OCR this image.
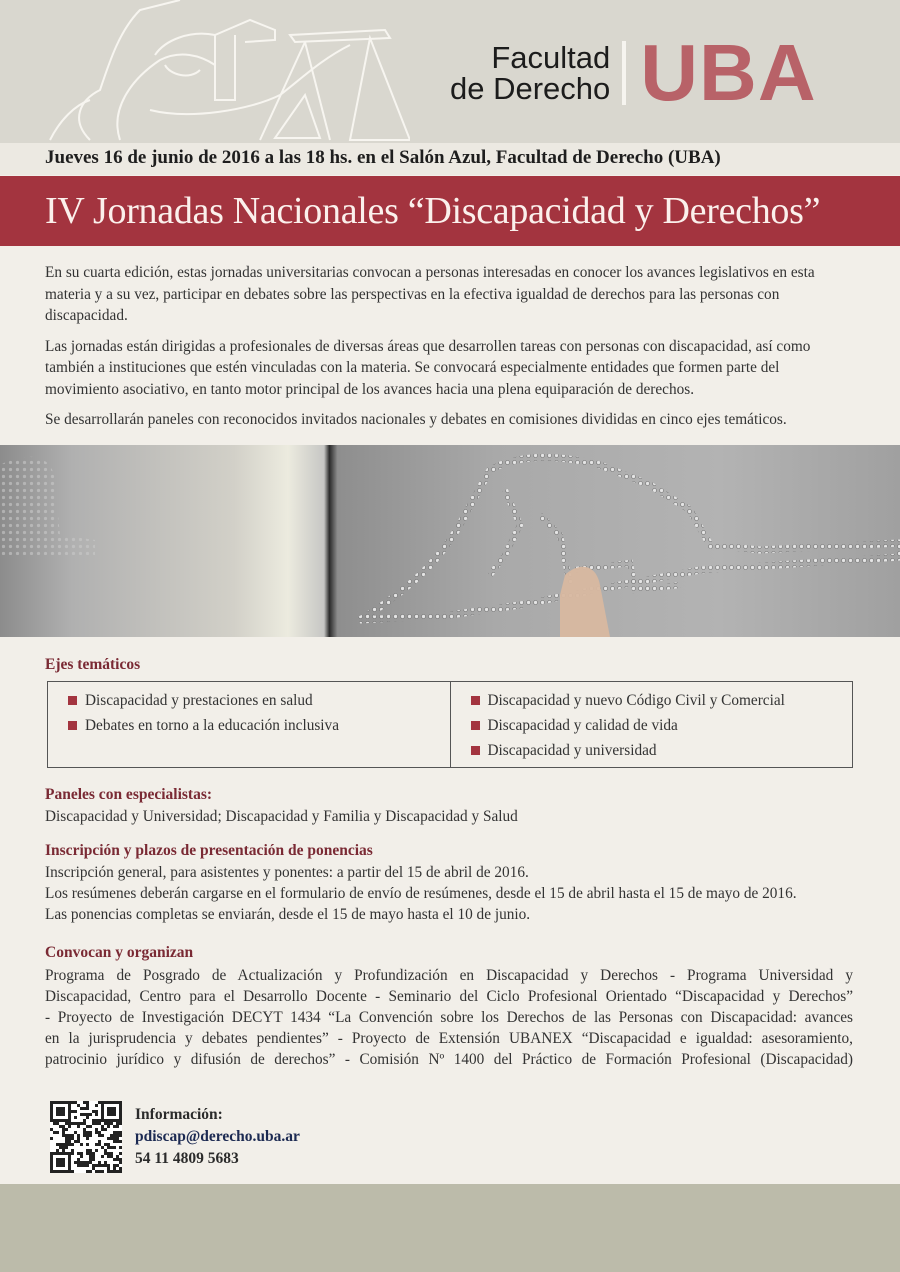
Facultad
de Derecho UBA
Jueves 16 de junio de 2016 a las 18 hs. en el Salón Azul, Facultad de Derecho (UBA)
IV Jornadas Nacionales “Discapacidad y Derechos”

En su cuarta edición, estas jornadas universitarias convocan a personas interesadas en conocer los avances legislativos en esta materia y a su vez, participar en debates sobre las perspectivas en la efectiva igualdad de derechos para las personas con discapacidad.

Las jornadas están dirigidas a profesionales de diversas áreas que desarrollen tareas con personas con discapacidad, así como también a instituciones que estén vinculadas con la materia. Se convocará especialmente entidades que formen parte del movimiento asociativo, en tanto motor principal de los avances hacia una plena equiparación de derechos.

Se desarrollarán paneles con reconocidos invitados nacionales y debates en comisiones divididas en cinco ejes temáticos.

Ejes temáticos
Discapacidad y prestaciones en salud
Debates en torno a la educación inclusiva
Discapacidad y nuevo Código Civil y Comercial
Discapacidad y calidad de vida
Discapacidad y universidad
Paneles con especialistas:
Discapacidad y Universidad; Discapacidad y Familia y Discapacidad y Salud
Inscripción y plazos de presentación de ponencias
Inscripción general, para asistentes y ponentes: a partir del 15 de abril de 2016.
Los resúmenes deberán cargarse en el formulario de envío de resúmenes, desde el 15 de abril hasta el 15 de mayo de 2016.
Las ponencias completas se enviarán, desde el 15 de mayo hasta el 10 de junio.
Convocan y organizan
Programa de Posgrado de Actualización y Profundización en Discapacidad y Derechos - Programa Universidad y
Discapacidad, Centro para el Desarrollo Docente - Seminario del Ciclo Profesional Orientado “Discapacidad y Derechos”
- Proyecto de Investigación DECYT 1434 “La Convención sobre los Derechos de las Personas con Discapacidad: avances
en la jurisprudencia y debates pendientes” - Proyecto de Extensión UBANEX “Discapacidad e igualdad: asesoramiento,
patrocinio jurídico y difusión de derechos” - Comisión Nº 1400 del Práctico de Formación Profesional (Discapacidad)
Información:
pdiscap@derecho.uba.ar
54 11 4809 5683
